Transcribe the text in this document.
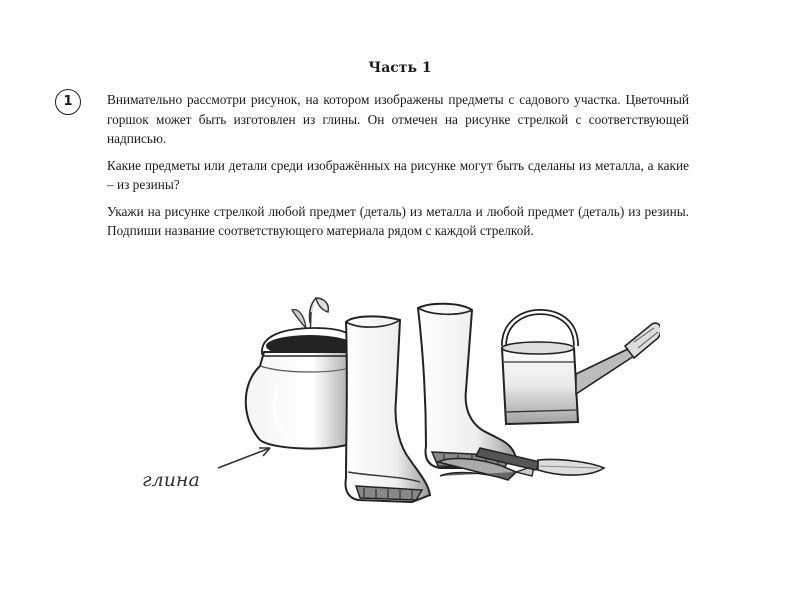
Часть 1
1	Внимательно рассмотри рисунок, на котором изображены предметы с садового участка. Цветочный горшок может быть изготовлен из глины. Он отмечен на рисунке стрелкой с соответствующей надписью.

Какие предметы или детали среди изображённых на рисунке могут быть сделаны из металла, а какие – из резины?

Укажи на рисунке стрелкой любой предмет (деталь) из металла и любой предмет (деталь) из резины. Подпиши название соответствующего материала рядом с каждой стрелкой.

глина
